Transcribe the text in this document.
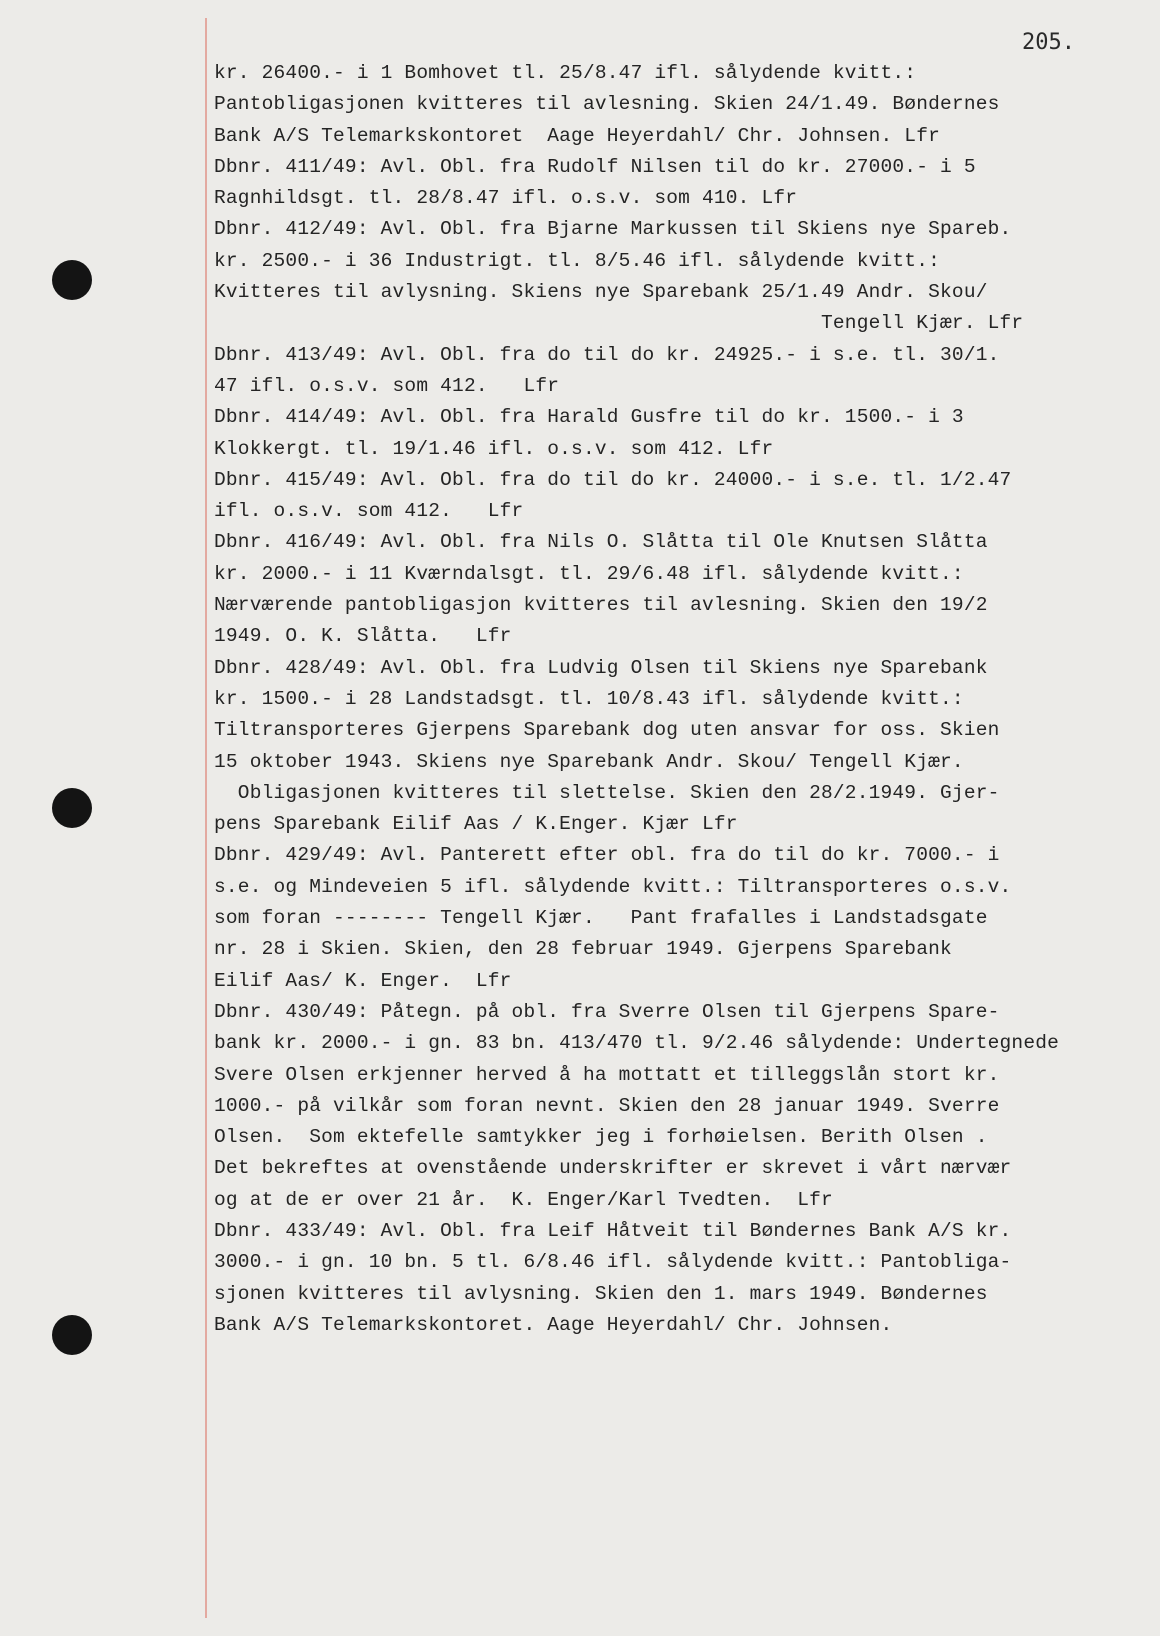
205.
kr. 26400.- i 1 Bomhovet tl. 25/8.47 ifl. sålydende kvitt.:
Pantobligasjonen kvitteres til avlesning. Skien 24/1.49. Bøndernes
Bank A/S Telemarkskontoret  Aage Heyerdahl/ Chr. Johnsen. Lfr
Dbnr. 411/49: Avl. Obl. fra Rudolf Nilsen til do kr. 27000.- i 5
Ragnhildsgt. tl. 28/8.47 ifl. o.s.v. som 410. Lfr
Dbnr. 412/49: Avl. Obl. fra Bjarne Markussen til Skiens nye Spareb.
kr. 2500.- i 36 Industrigt. tl. 8/5.46 ifl. sålydende kvitt.:
Kvitteres til avlysning. Skiens nye Sparebank 25/1.49 Andr. Skou/
Tengell Kjær. Lfr
Dbnr. 413/49: Avl. Obl. fra do til do kr. 24925.- i s.e. tl. 30/1.
47 ifl. o.s.v. som 412.   Lfr
Dbnr. 414/49: Avl. Obl. fra Harald Gusfre til do kr. 1500.- i 3
Klokkergt. tl. 19/1.46 ifl. o.s.v. som 412. Lfr
Dbnr. 415/49: Avl. Obl. fra do til do kr. 24000.- i s.e. tl. 1/2.47
ifl. o.s.v. som 412.   Lfr
Dbnr. 416/49: Avl. Obl. fra Nils O. Slåtta til Ole Knutsen Slåtta
kr. 2000.- i 11 Kværndalsgt. tl. 29/6.48 ifl. sålydende kvitt.:
Nærværende pantobligasjon kvitteres til avlesning. Skien den 19/2
1949. O. K. Slåtta.   Lfr
Dbnr. 428/49: Avl. Obl. fra Ludvig Olsen til Skiens nye Sparebank
kr. 1500.- i 28 Landstadsgt. tl. 10/8.43 ifl. sålydende kvitt.:
Tiltransporteres Gjerpens Sparebank dog uten ansvar for oss. Skien
15 oktober 1943. Skiens nye Sparebank Andr. Skou/ Tengell Kjær.
Obligasjonen kvitteres til slettelse. Skien den 28/2.1949. Gjer-
pens Sparebank Eilif Aas / K.Enger. Kjær Lfr
Dbnr. 429/49: Avl. Panterett efter obl. fra do til do kr. 7000.- i
s.e. og Mindeveien 5 ifl. sålydende kvitt.: Tiltransporteres o.s.v.
som foran -------- Tengell Kjær.   Pant frafalles i Landstadsgate
nr. 28 i Skien. Skien, den 28 februar 1949. Gjerpens Sparebank
Eilif Aas/ K. Enger.  Lfr
Dbnr. 430/49: Påtegn. på obl. fra Sverre Olsen til Gjerpens Spare-
bank kr. 2000.- i gn. 83 bn. 413/470 tl. 9/2.46 sålydende: Undertegnede
Svere Olsen erkjenner herved å ha mottatt et tilleggslån stort kr.
1000.- på vilkår som foran nevnt. Skien den 28 januar 1949. Sverre
Olsen.  Som ektefelle samtykker jeg i forhøielsen. Berith Olsen .
Det bekreftes at ovenstående underskrifter er skrevet i vårt nærvær
og at de er over 21 år.  K. Enger/Karl Tvedten.  Lfr
Dbnr. 433/49: Avl. Obl. fra Leif Håtveit til Bøndernes Bank A/S kr.
3000.- i gn. 10 bn. 5 tl. 6/8.46 ifl. sålydende kvitt.: Pantobliga-
sjonen kvitteres til avlysning. Skien den 1. mars 1949. Bøndernes
Bank A/S Telemarkskontoret. Aage Heyerdahl/ Chr. Johnsen.
